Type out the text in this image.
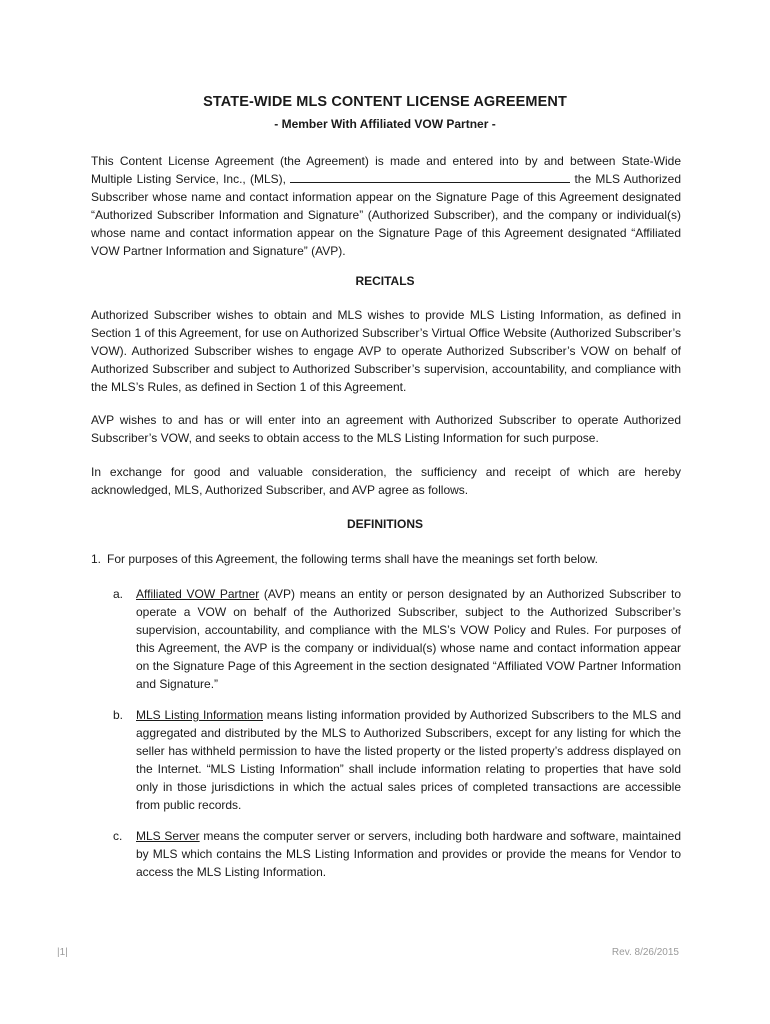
STATE-WIDE MLS CONTENT LICENSE AGREEMENT
- Member With Affiliated VOW Partner -

This Content License Agreement (the Agreement) is made and entered into by and between State-Wide Multiple Listing Service, Inc., (MLS),	the MLS Authorized Subscriber whose name and contact information appear on the Signature Page of this Agreement designated “Authorized Subscriber Information and Signature” (Authorized Subscriber), and the company or individual(s) whose name and contact information appear on the Signature Page of this Agreement designated “Affiliated VOW Partner Information and Signature” (AVP).

RECITALS

Authorized Subscriber wishes to obtain and MLS wishes to provide MLS Listing Information, as defined in Section 1 of this Agreement, for use on Authorized Subscriber’s Virtual Office Website (Authorized Subscriber’s VOW). Authorized Subscriber wishes to engage AVP to operate Authorized Subscriber’s VOW on behalf of Authorized Subscriber and subject to Authorized Subscriber’s supervision, accountability, and compliance with the MLS’s Rules, as defined in Section 1 of this Agreement.

AVP wishes to and has or will enter into an agreement with Authorized Subscriber to operate Authorized Subscriber’s VOW, and seeks to obtain access to the MLS Listing Information for such purpose.

In exchange for good and valuable consideration, the sufficiency and receipt of which are hereby acknowledged, MLS, Authorized Subscriber, and AVP agree as follows.

DEFINITIONS
1. For purposes of this Agreement, the following terms shall have the meanings set forth below.
a. Affiliated VOW Partner (AVP) means an entity or person designated by an Authorized Subscriber to operate a VOW on behalf of the Authorized Subscriber, subject to the Authorized Subscriber’s supervision, accountability, and compliance with the MLS’s VOW Policy and Rules. For purposes of this Agreement, the AVP is the company or individual(s) whose name and contact information appear on the Signature Page of this Agreement in the section designated “Affiliated VOW Partner Information and Signature.”

b. MLS Listing Information means listing information provided by Authorized Subscribers to the MLS and aggregated and distributed by the MLS to Authorized Subscribers, except for any listing for which the seller has withheld permission to have the listed property or the listed property’s address displayed on the Internet. “MLS Listing Information” shall include information relating to properties that have sold only in those jurisdictions in which the actual sales prices of completed transactions are accessible from public records.

c. MLS Server means the computer server or servers, including both hardware and software, maintained by MLS which contains the MLS Listing Information and provides or provide the means for Vendor to access the MLS Listing Information.

|1|	Rev. 8/26/2015
